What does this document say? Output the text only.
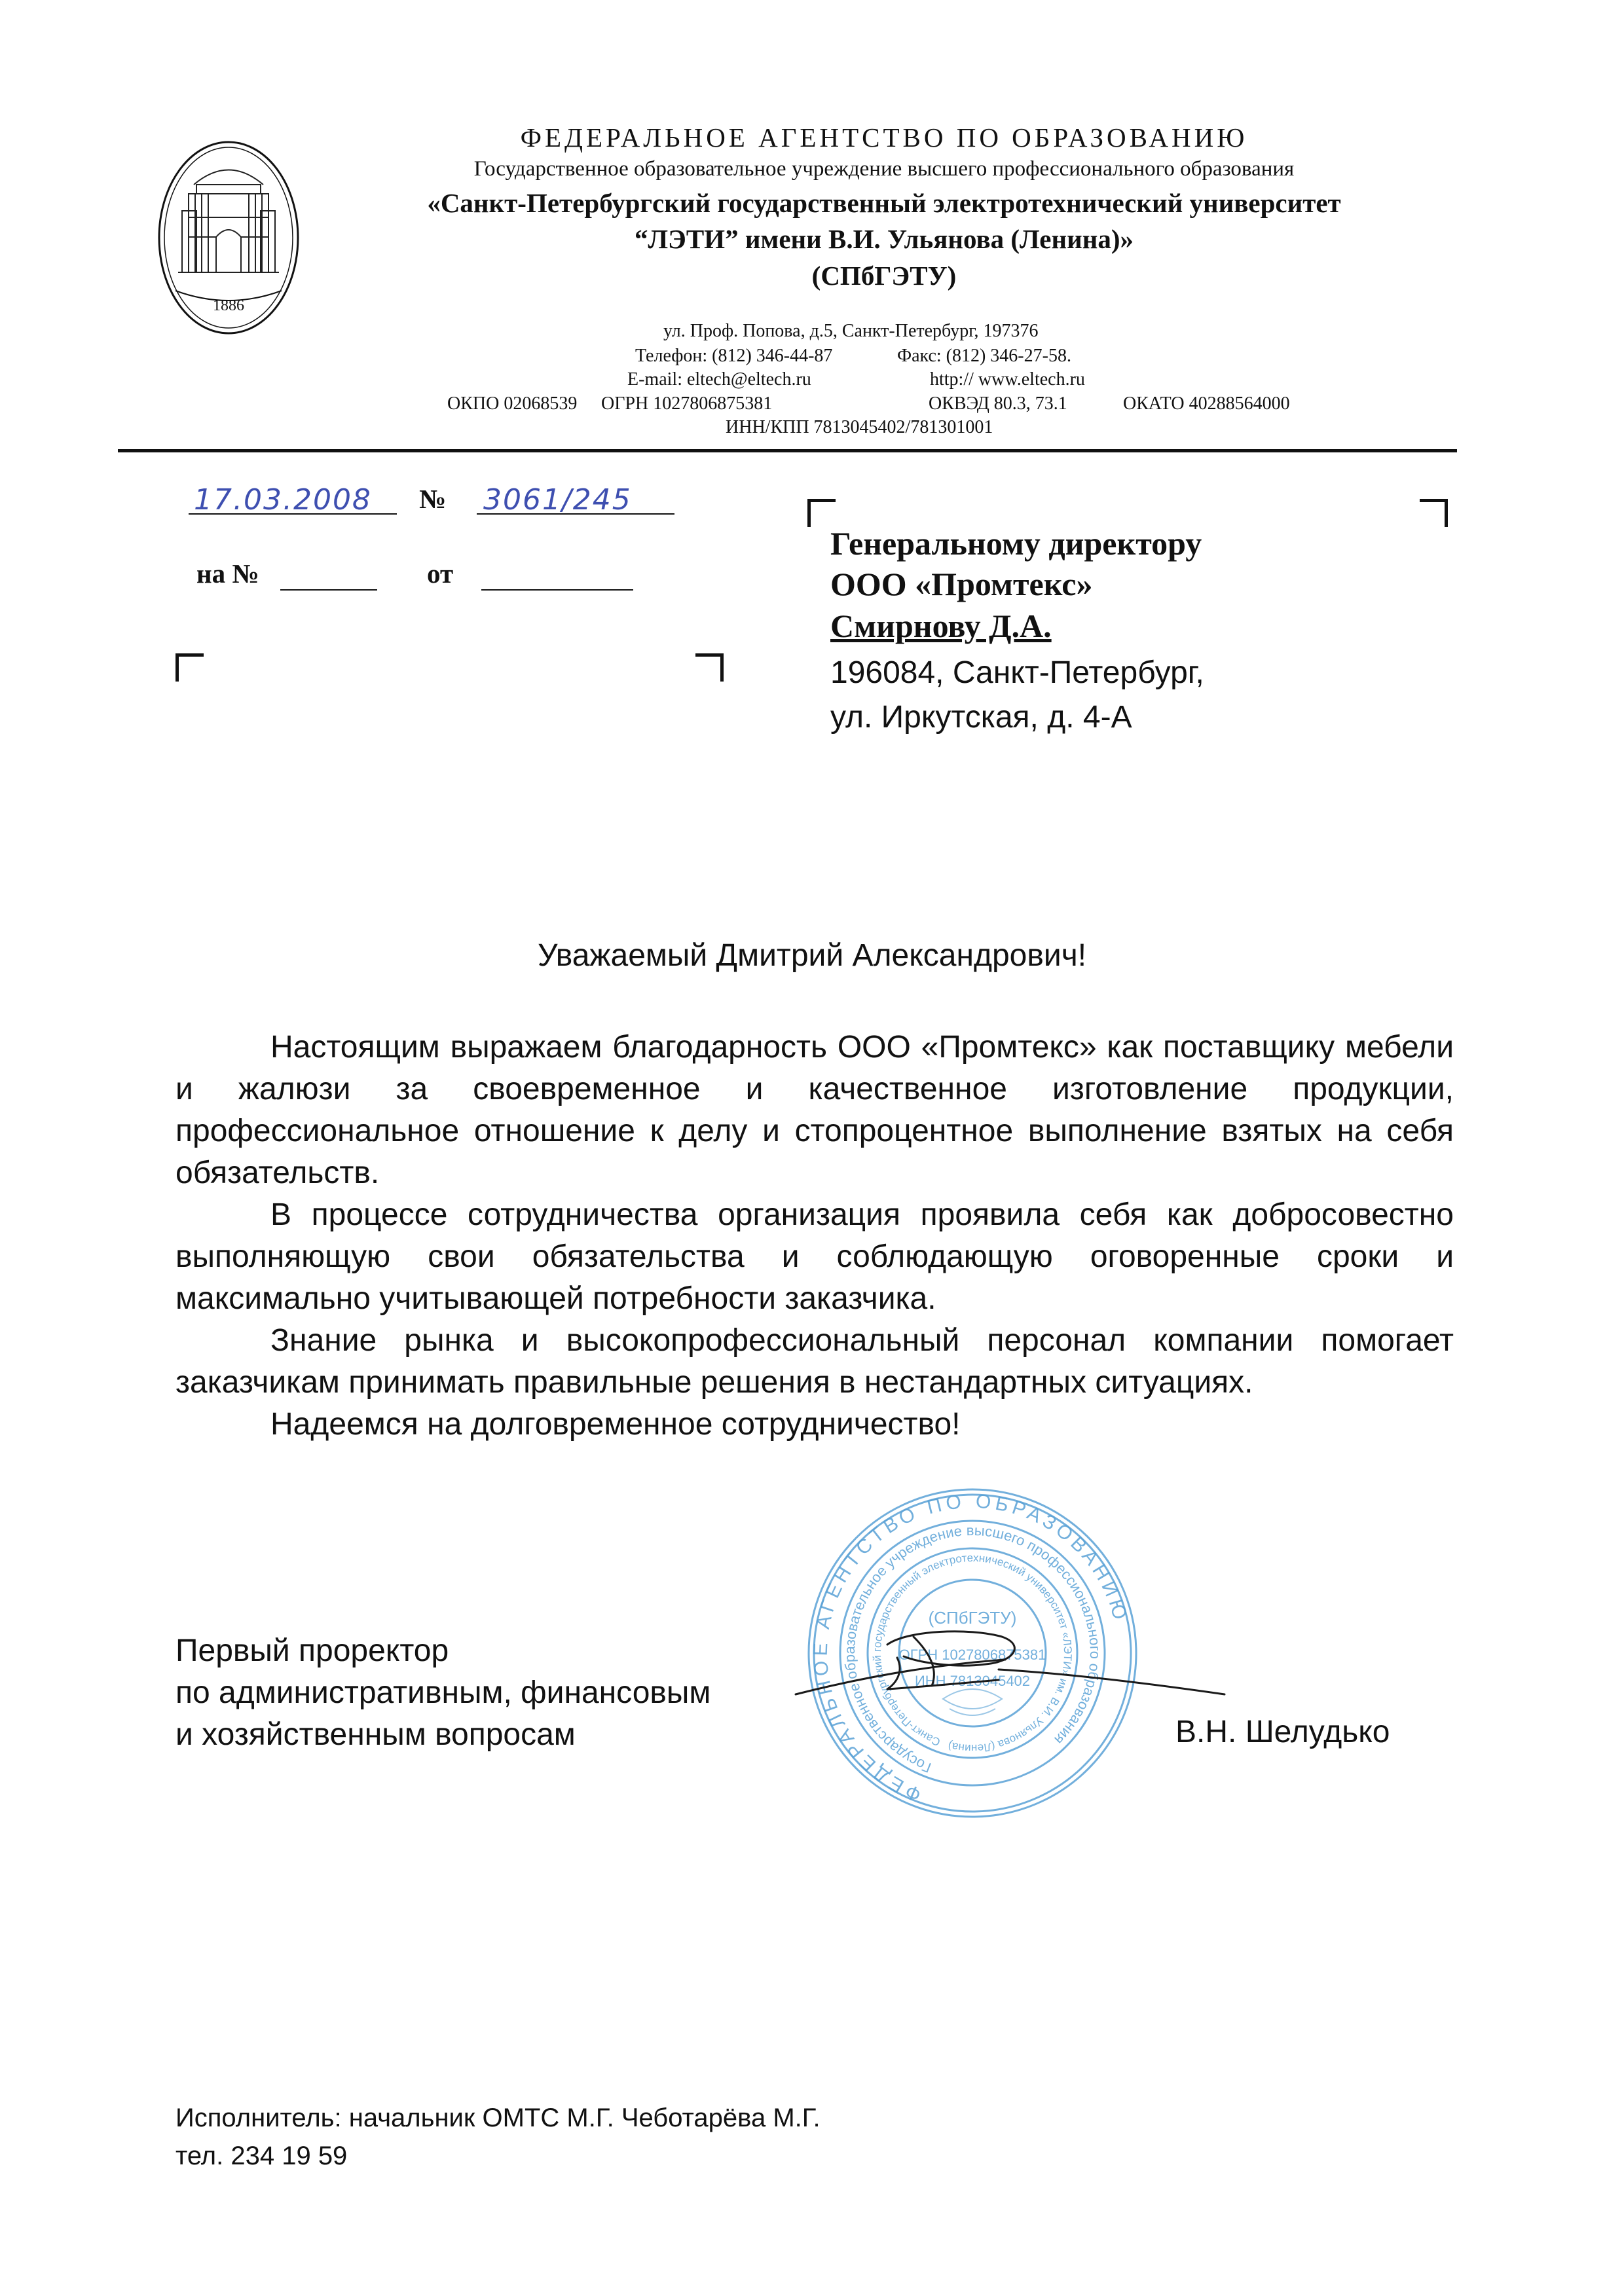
1886
ФЕДЕРАЛЬНОЕ АГЕНТСТВО ПО ОБРАЗОВАНИЮ
Государственное образовательное учреждение высшего профессионального образования
«Санкт-Петербургский государственный электротехнический университет
“ЛЭТИ” имени В.И. Ульянова (Ленина)»
(СПбГЭТУ)
ул. Проф. Попова, д.5, Санкт-Петербург, 197376
Телефон: (812) 346-44-87	Факс: (812) 346-27-58.
E-mail: eltech@eltech.ru	http:// www.eltech.ru
ОКПО 02068539 ОГРН 1027806875381	ОКВЭД 80.3, 73.1	ОКАТО 40288564000
ИНН/КПП 7813045402/781301001
17.03.2008 № 3061/245
на №	от
Генеральному директору
ООО «Промтекс»
Смирнову Д.А.
196084, Санкт-Петербург,
ул. Иркутская, д. 4-А
Уважаемый Дмитрий Александрович!

Настоящим выражаем благодарность ООО «Промтекс» как поставщику мебели и жалюзи за своевременное и качественное изготовление продукции, профессиональное отношение к делу и стопроцентное выполнение взятых на себя обязательств.

В процессе сотрудничества организация проявила себя как добросовестно выполняющую свои обязательства и соблюдающую оговоренные сроки и максимально учитывающей потребности заказчика.

Знание рынка и высокопрофессиональный персонал компании помогает заказчикам принимать правильные решения в нестандартных ситуациях.

Надеемся на долговременное сотрудничество!

ФЕДЕРАЛЬНОЕ АГЕНТСТВО ПО ОБРАЗОВАНИЮ
Государственное образовательное учреждение высшего профессионального образования
Санкт-Петербургский государственный электротехнический университет «ЛЭТИ» им. В.И. Ульянова (Ленина)
(СПбГЭТУ)
ОГРН 1027806875381
ИНН 7813045402
Первый проректор
по административным, финансовым
и хозяйственным вопросам	В.Н. Шелудько
Исполнитель: начальник ОМТС М.Г. Чеботарёва М.Г.
тел. 234 19 59
